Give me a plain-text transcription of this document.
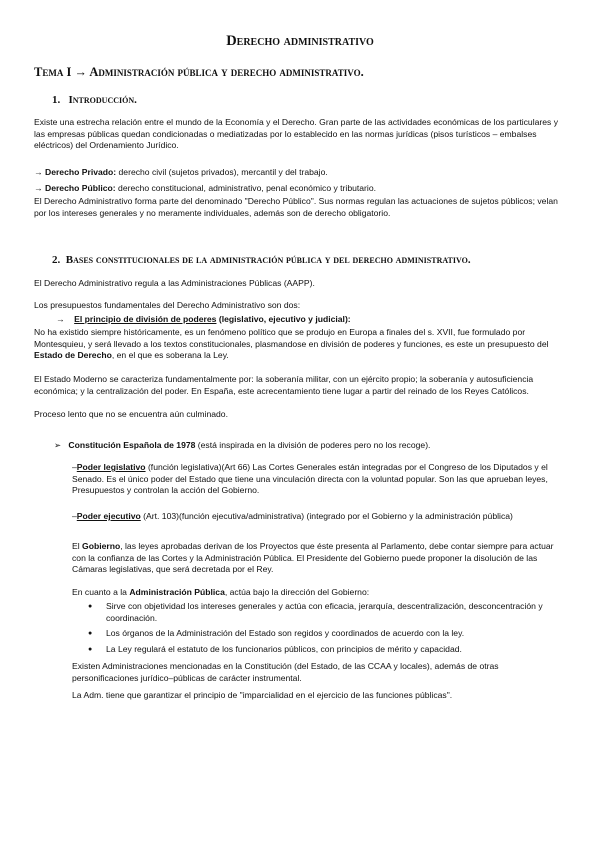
Derecho administrativo

Tema I → Administración pública y derecho administrativo.

1. Introducción.

Existe una estrecha relación entre el mundo de la Economía y el Derecho. Gran parte de las actividades económicas de los particulares y las empresas públicas quedan condicionadas o mediatizadas por lo establecido en las normas jurídicas (pisos turísticos – embalses eléctricos) del Ordenamiento Jurídico.

→ Derecho Privado: derecho civil (sujetos privados), mercantil y del trabajo.

→ Derecho Público: derecho constitucional, administrativo, penal económico y tributario.

El Derecho Administrativo forma parte del denominado "Derecho Público". Sus normas regulan las actuaciones de sujetos públicos; velan por los intereses generales y no meramente individuales, además son de derecho obligatorio.

2. Bases constitucionales de la administración pública y del derecho administrativo.

El Derecho Administrativo regula a las Administraciones Públicas (AAPP).

Los presupuestos fundamentales del Derecho Administrativo son dos:

→ El principio de división de poderes (legislativo, ejecutivo y judicial):

No ha existido siempre históricamente, es un fenómeno político que se produjo en Europa a finales del s. XVII, fue formulado por Montesquieu, y será llevado a los textos constitucionales, plasmandose en división de poderes y funciones, es este un presupuesto del Estado de Derecho, en el que es soberana la Ley.

El Estado Moderno se caracteriza fundamentalmente por: la soberanía militar, con un ejército propio; la soberanía y autosuficiencia económica; y la centralización del poder. En España, este acrecentamiento tiene lugar a partir del reinado de los Reyes Católicos.

Proceso lento que no se encuentra aún culminado.

➢ Constitución Española de 1978 (está inspirada en la división de poderes pero no los recoge).

–Poder legislativo (función legislativa)(Art 66) Las Cortes Generales están integradas por el Congreso de los Diputados y el Senado. Es el único poder del Estado que tiene una vinculación directa con la voluntad popular. Son las que aprueban leyes, Presupuestos y controlan la acción del Gobierno.

–Poder ejecutivo (Art. 103)(función ejecutiva/administrativa) (integrado por el Gobierno y la administración pública)

El Gobierno, las leyes aprobadas derivan de los Proyectos que éste presenta al Parlamento, debe contar siempre para actuar con la confianza de las Cortes y la Administración Pública. El Presidente del Gobierno puede proponer la disolución de las Cámaras legislativas, que será decretada por el Rey.

En cuanto a la Administración Pública, actúa bajo la dirección del Gobierno:

● Sirve con objetividad los intereses generales y actúa con eficacia, jerarquía, descentralización, desconcentración y coordinación.
● Los órganos de la Administración del Estado son regidos y coordinados de acuerdo con la ley.
● La Ley regulará el estatuto de los funcionarios públicos, con principios de mérito y capacidad.

Existen Administraciones mencionadas en la Constitución (del Estado, de las CCAA y locales), además de otras personificaciones jurídico–públicas de carácter instrumental.

La Adm. tiene que garantizar el principio de "imparcialidad en el ejercicio de las funciones públicas".
